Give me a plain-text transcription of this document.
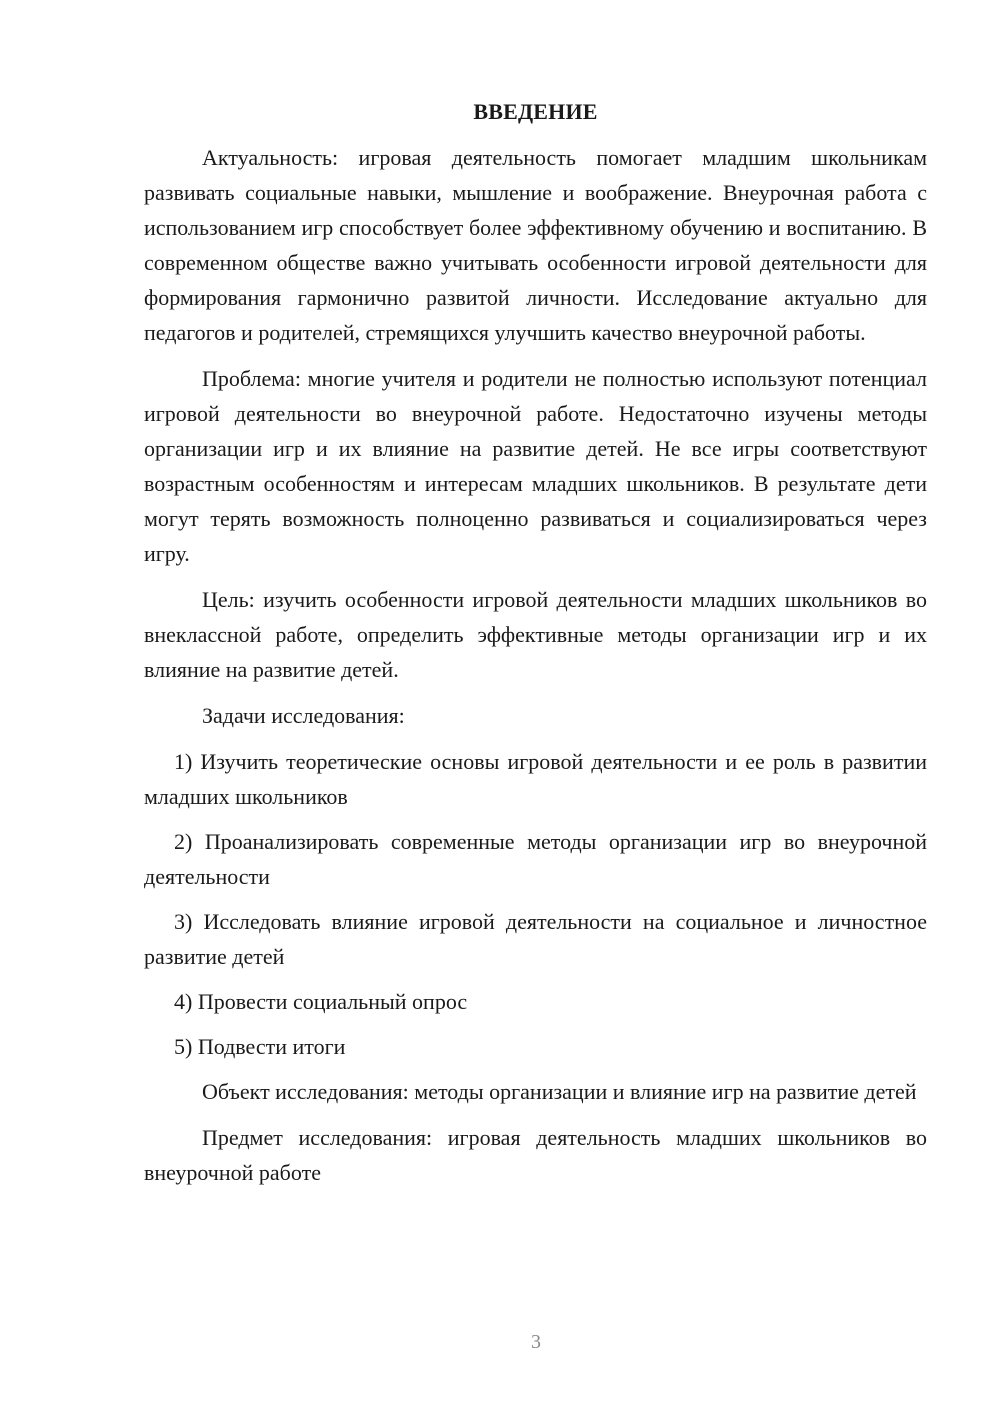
ВВЕДЕНИЕ

Актуальность: игровая деятельность помогает младшим школьникам развивать социальные навыки, мышление и воображение. Внеурочная работа с использованием игр способствует более эффективному обучению и воспитанию. В современном обществе важно учитывать особенности игровой деятельности для формирования гармонично развитой личности. Исследование актуально для педагогов и родителей, стремящихся улучшить качество внеурочной работы.

Проблема: многие учителя и родители не полностью используют потенциал игровой деятельности во внеурочной работе. Недостаточно изучены методы организации игр и их влияние на развитие детей. Не все игры соответствуют возрастным особенностям и интересам младших школьников. В результате дети могут терять возможность полноценно развиваться и социализироваться через игру.

Цель: изучить особенности игровой деятельности младших школьников во внеклассной работе, определить эффективные методы организации игр и их влияние на развитие детей.

Задачи исследования:

1) Изучить теоретические основы игровой деятельности и ее роль в развитии младших школьников

2) Проанализировать современные методы организации игр во внеурочной деятельности

3) Исследовать влияние игровой деятельности на социальное и личностное развитие детей

4) Провести социальный опрос

5) Подвести итоги

Объект исследования: методы организации и влияние игр на развитие детей

Предмет исследования: игровая деятельность младших школьников во внеурочной работе

3
